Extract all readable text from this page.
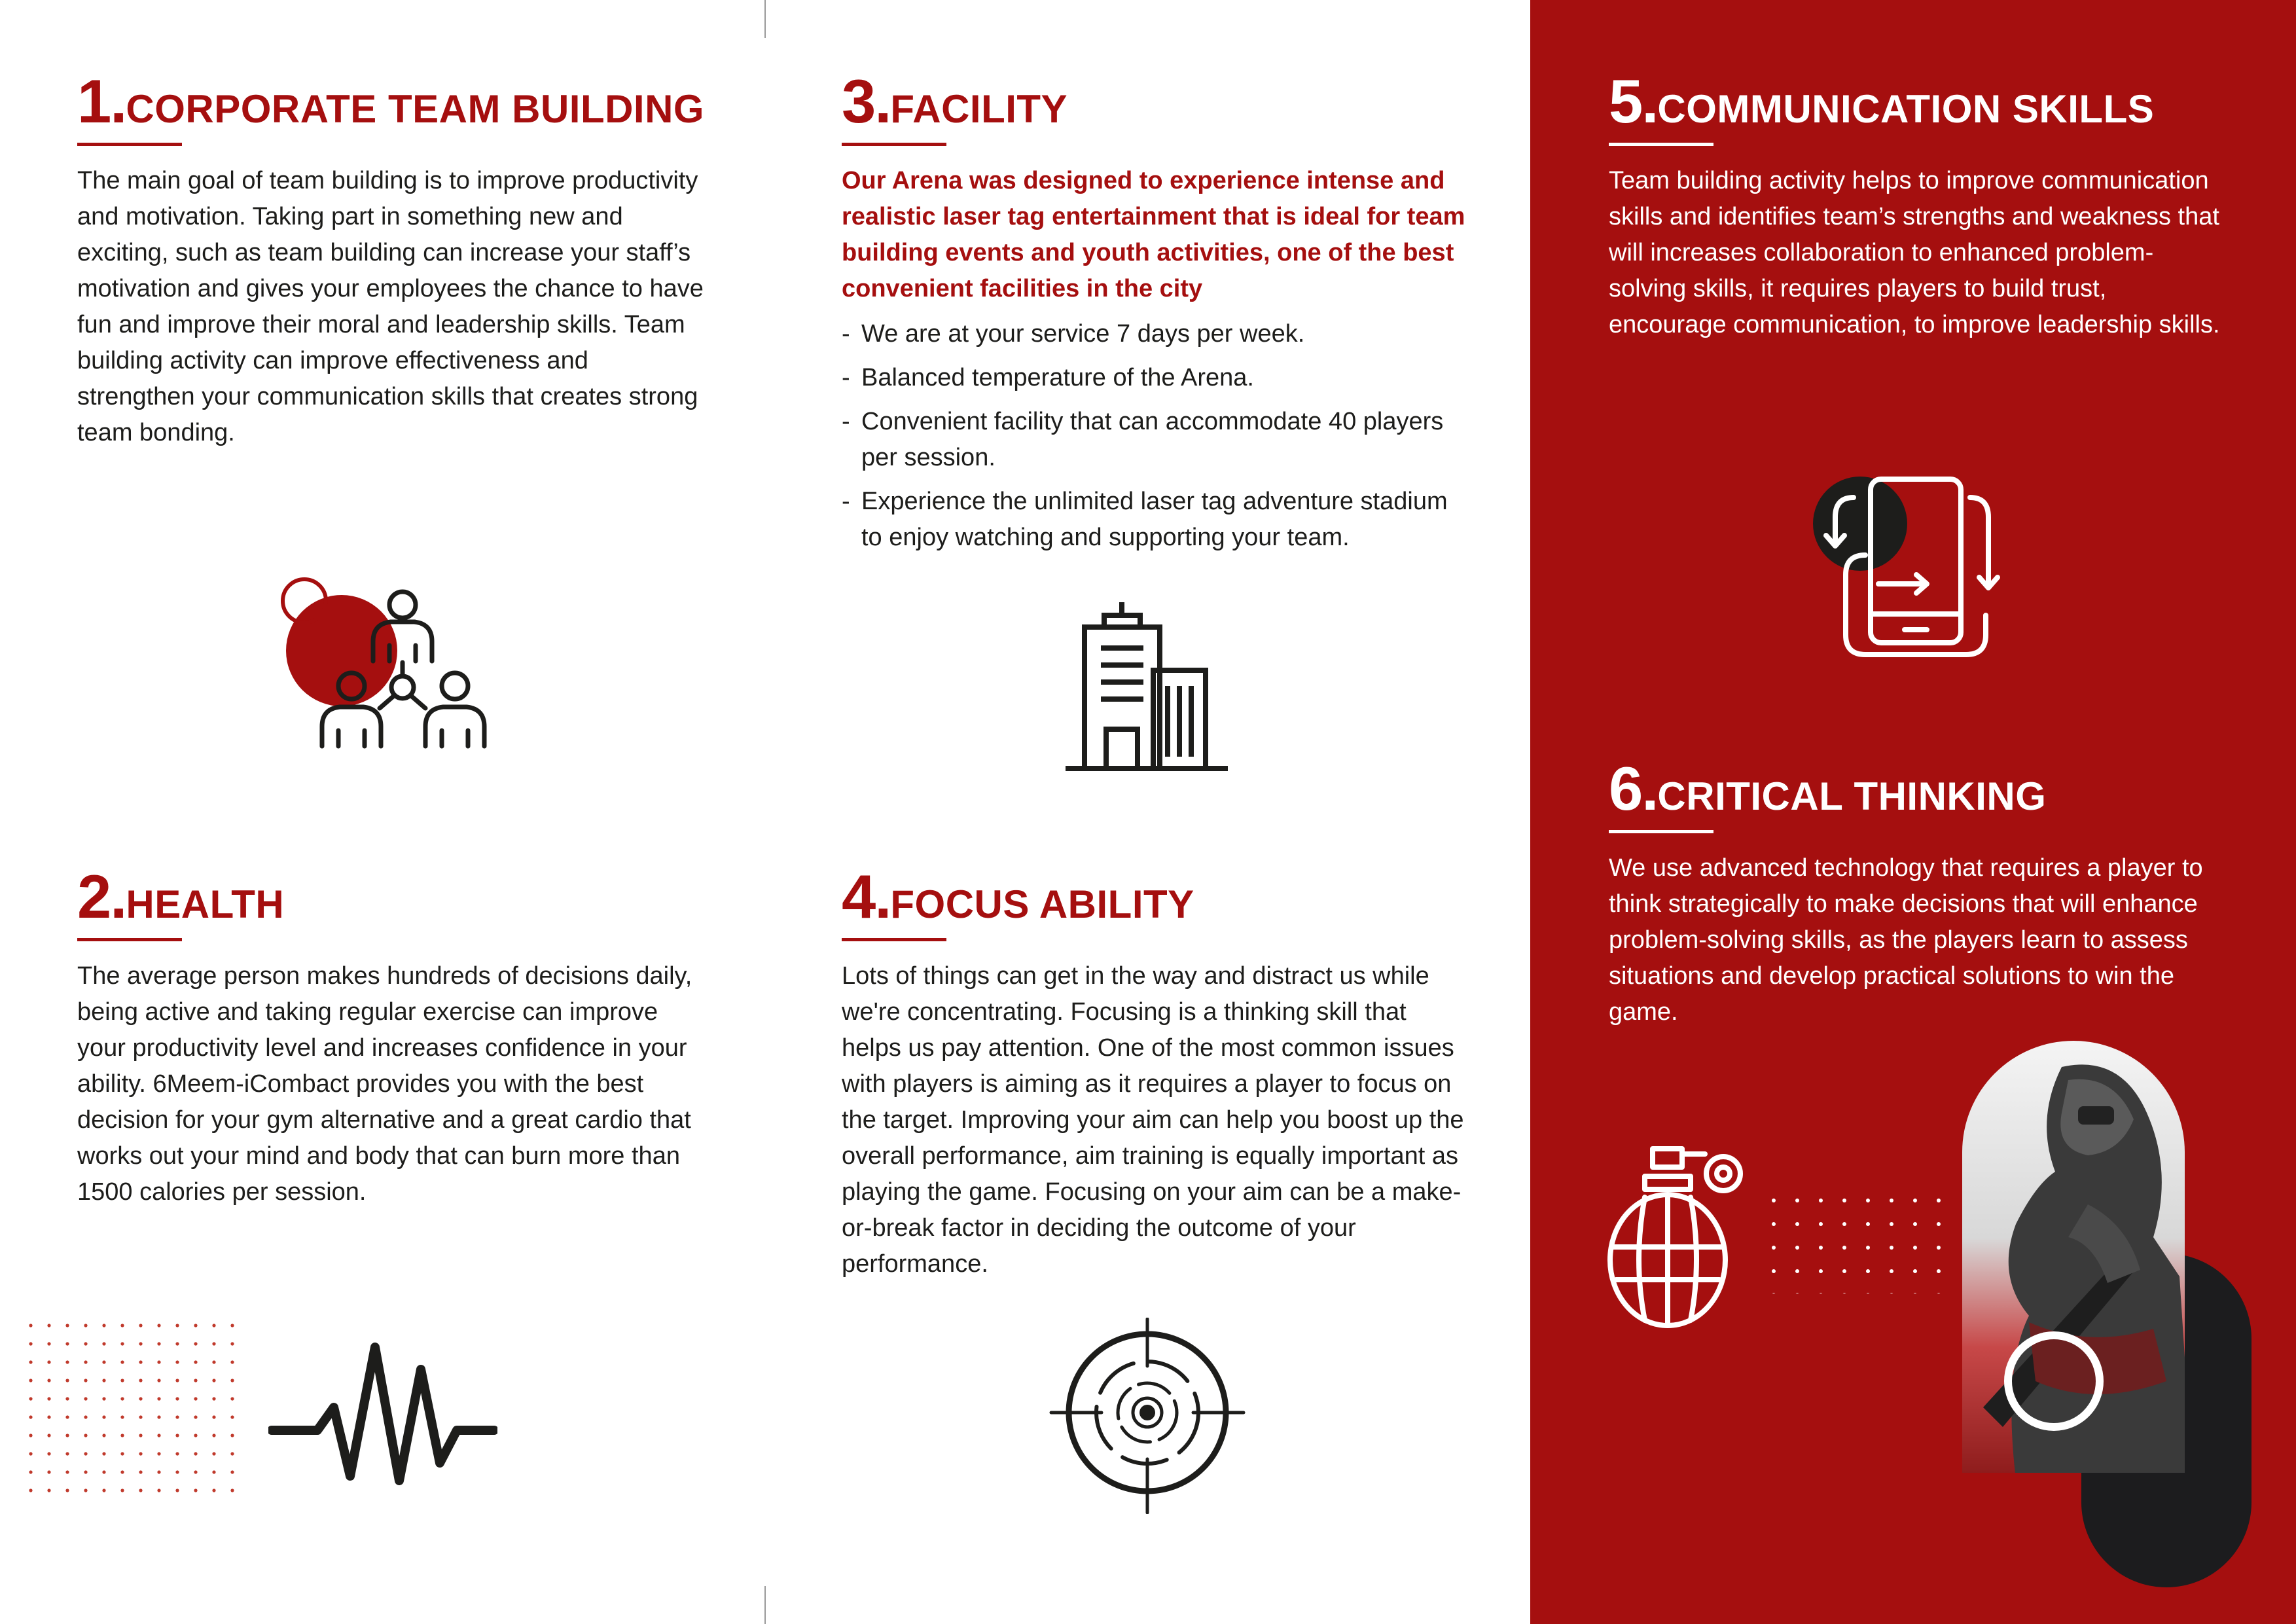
1.CORPORATE TEAM BUILDING

The main goal of team building is to improve productivity and motivation. Taking part in something new and exciting, such as team building can increase your staff’s motivation and gives your employees the chance to have fun and improve their moral and leadership skills. Team building activity can improve effectiveness and strengthen your communication skills that creates strong team bonding.

2.HEALTH

The average person makes hundreds of decisions daily, being active and taking regular exercise can improve your productivity level and increases confidence in your ability. 6Meem-iCombact provides you with the best decision for your gym alternative and a great cardio that works out your mind and body that can burn more than 1500 calories per session.

3.FACILITY

Our Arena was designed to experience intense and realistic laser tag entertainment that is ideal for team building events and youth activities, one of the best convenient facilities in the city

- We are at your service 7 days per week.
- Balanced temperature of the Arena.
- Convenient facility that can accommodate 40 players per session.
- Experience the unlimited laser tag adventure stadium to enjoy watching and supporting your team.
4.FOCUS ABILITY

Lots of things can get in the way and distract us while we're concentrating. Focusing is a thinking skill that helps us pay attention. One of the most common issues with players is aiming as it requires a player to focus on the target. Improving your aim can help you boost up the overall performance, aim training is equally important as playing the game. Focusing on your aim can be a make-or-break factor in deciding the outcome of your performance.

5.COMMUNICATION SKILLS

Team building activity helps to improve communication skills and identifies team’s strengths and weakness that will increases collaboration to enhanced problem-solving skills, it requires players to build trust, encourage communication, to improve leadership skills.

6.CRITICAL THINKING

We use advanced technology that requires a player to think strategically to make decisions that will enhance problem-solving skills, as the players learn to assess situations and develop practical solutions to win the game.
